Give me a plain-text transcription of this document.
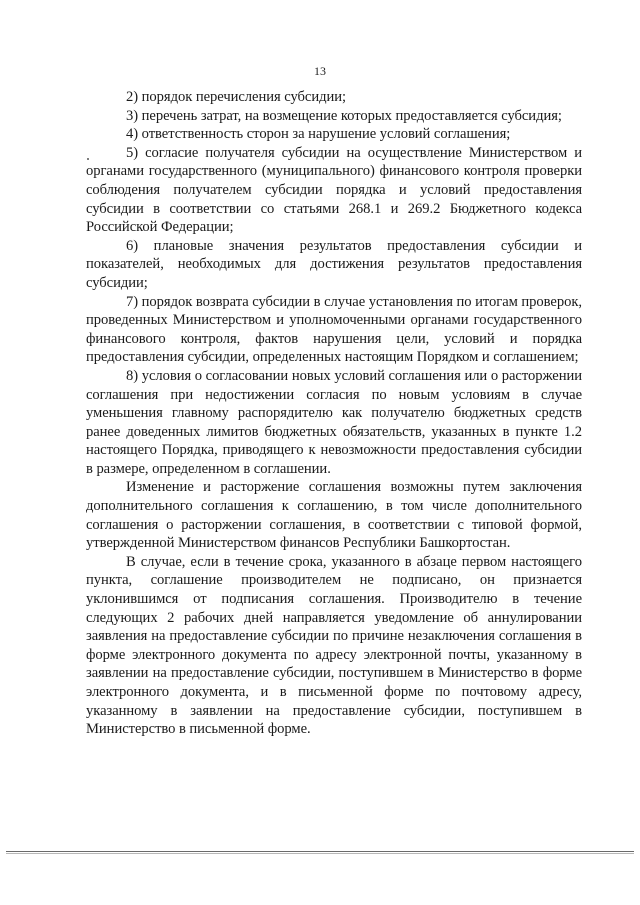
13

2) порядок перечисления субсидии;

3) перечень затрат, на возмещение которых предоставляется субсидия;

4) ответственность сторон за нарушение условий соглашения;

5) согласие получателя субсидии на осуществление Министерством и органами государственного (муниципального) финансового контроля проверки соблюдения получателем субсидии порядка и условий предоставления субсидии в соответствии со статьями 268.1 и 269.2 Бюджетного кодекса Российской Федерации;

6) плановые значения результатов предоставления субсидии и показателей, необходимых для достижения результатов предоставления субсидии;

7) порядок возврата субсидии в случае установления по итогам проверок, проведенных Министерством и уполномоченными органами государственного финансового контроля, фактов нарушения цели, условий и порядка предоставления субсидии, определенных настоящим Порядком и соглашением;

8) условия о согласовании новых условий соглашения или о расторжении соглашения при недостижении согласия по новым условиям в случае уменьшения главному распорядителю как получателю бюджетных средств ранее доведенных лимитов бюджетных обязательств, указанных в пункте 1.2 настоящего Порядка, приводящего к невозможности предоставления субсидии в размере, определенном в соглашении.

Изменение и расторжение соглашения возможны путем заключения дополнительного соглашения к соглашению, в том числе дополнительного соглашения о расторжении соглашения, в соответствии с типовой формой, утвержденной Министерством финансов Республики Башкортостан.

В случае, если в течение срока, указанного в абзаце первом настоящего пункта, соглашение производителем не подписано, он признается уклонившимся от подписания соглашения. Производителю в течение следующих 2 рабочих дней направляется уведомление об аннулировании заявления на предоставление субсидии по причине незаключения соглашения в форме электронного документа по адресу электронной почты, указанному в заявлении на предоставление субсидии, поступившем в Министерство в форме электронного документа, и в письменной форме по почтовому адресу, указанному в заявлении на предоставление субсидии, поступившем в Министерство в письменной форме.
